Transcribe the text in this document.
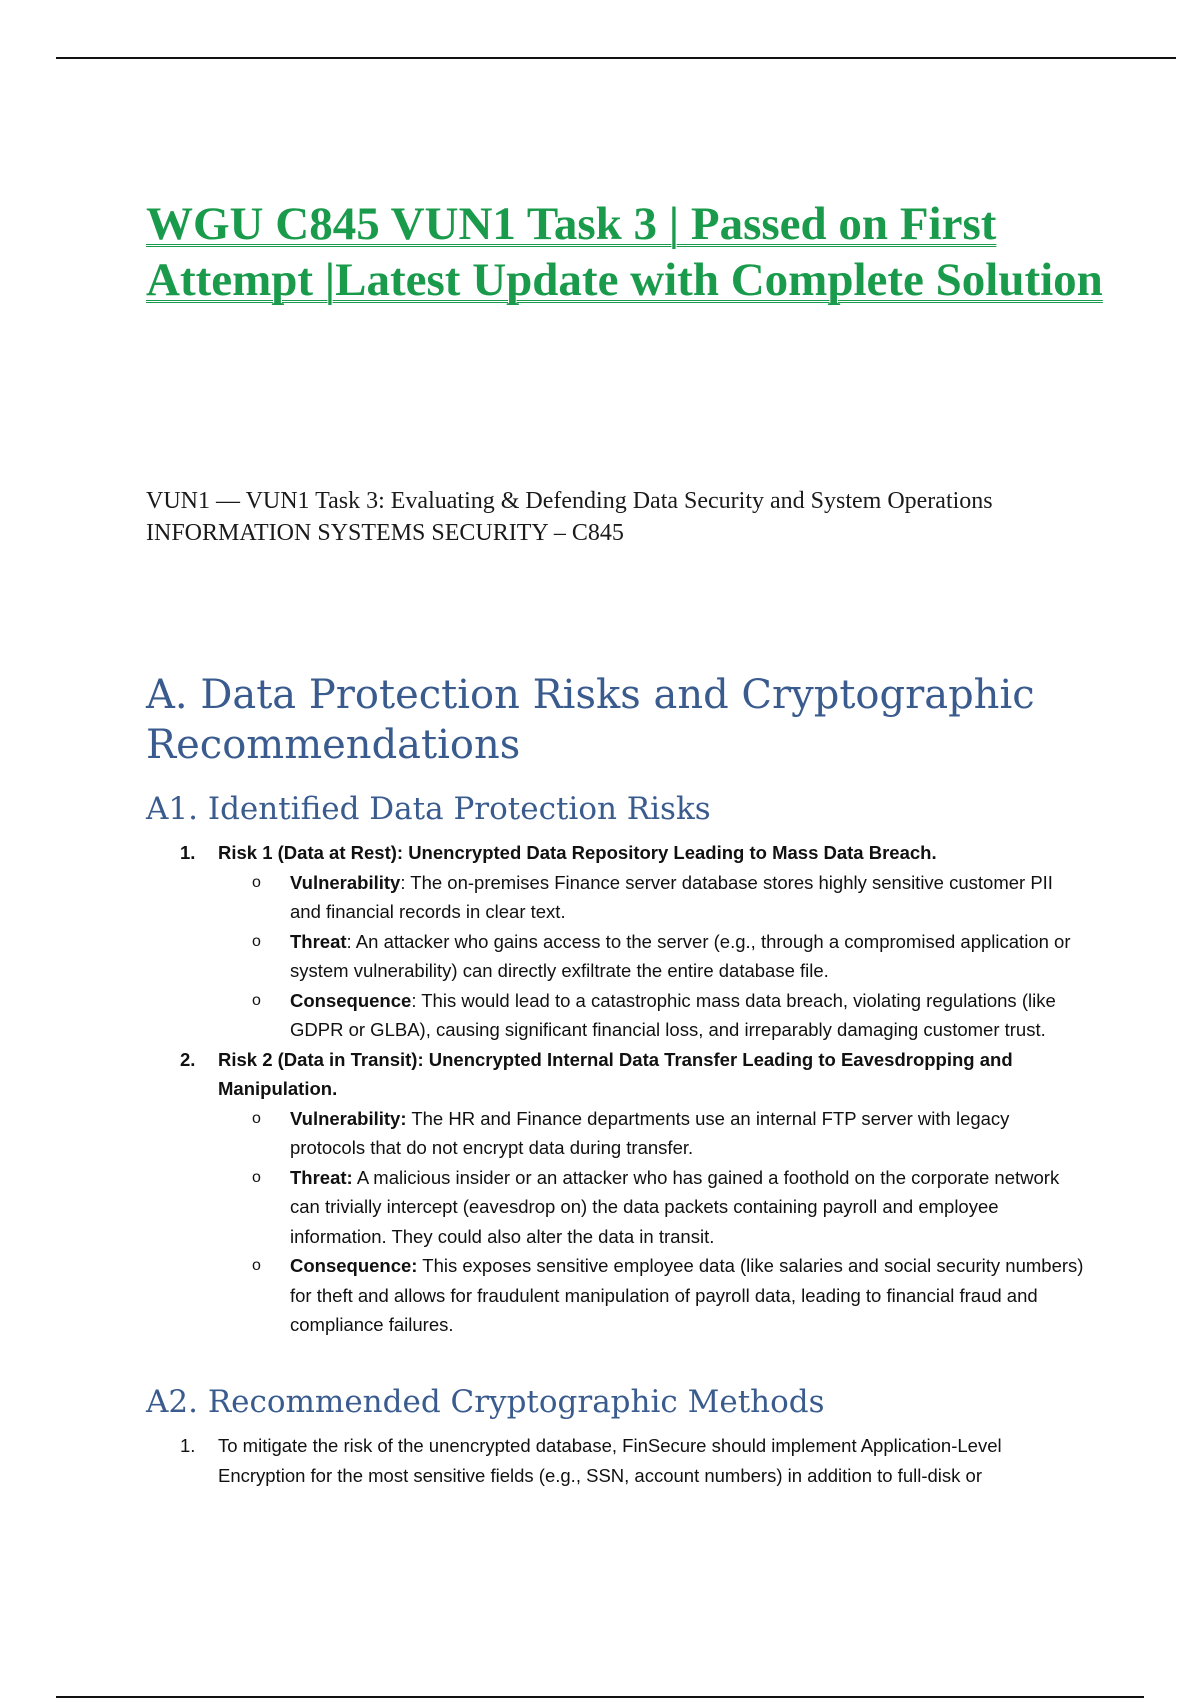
WGU C845 VUN1 Task 3 | Passed on First Attempt |Latest Update with Complete Solution
VUN1 — VUN1 Task 3: Evaluating & Defending Data Security and System Operations
INFORMATION SYSTEMS SECURITY – C845
A. Data Protection Risks and Cryptographic Recommendations
A1. Identified Data Protection Risks
1. Risk 1 (Data at Rest): Unencrypted Data Repository Leading to Mass Data Breach.
o Vulnerability: The on-premises Finance server database stores highly sensitive customer PII and financial records in clear text.
o Threat: An attacker who gains access to the server (e.g., through a compromised application or system vulnerability) can directly exfiltrate the entire database file.
o Consequence: This would lead to a catastrophic mass data breach, violating regulations (like GDPR or GLBA), causing significant financial loss, and irreparably damaging customer trust.
2. Risk 2 (Data in Transit): Unencrypted Internal Data Transfer Leading to Eavesdropping and Manipulation.
o Vulnerability: The HR and Finance departments use an internal FTP server with legacy protocols that do not encrypt data during transfer.
o Threat: A malicious insider or an attacker who has gained a foothold on the corporate network can trivially intercept (eavesdrop on) the data packets containing payroll and employee information. They could also alter the data in transit.
o Consequence: This exposes sensitive employee data (like salaries and social security numbers) for theft and allows for fraudulent manipulation of payroll data, leading to financial fraud and compliance failures.
A2. Recommended Cryptographic Methods
1. To mitigate the risk of the unencrypted database, FinSecure should implement Application-Level Encryption for the most sensitive fields (e.g., SSN, account numbers) in addition to full-disk or
